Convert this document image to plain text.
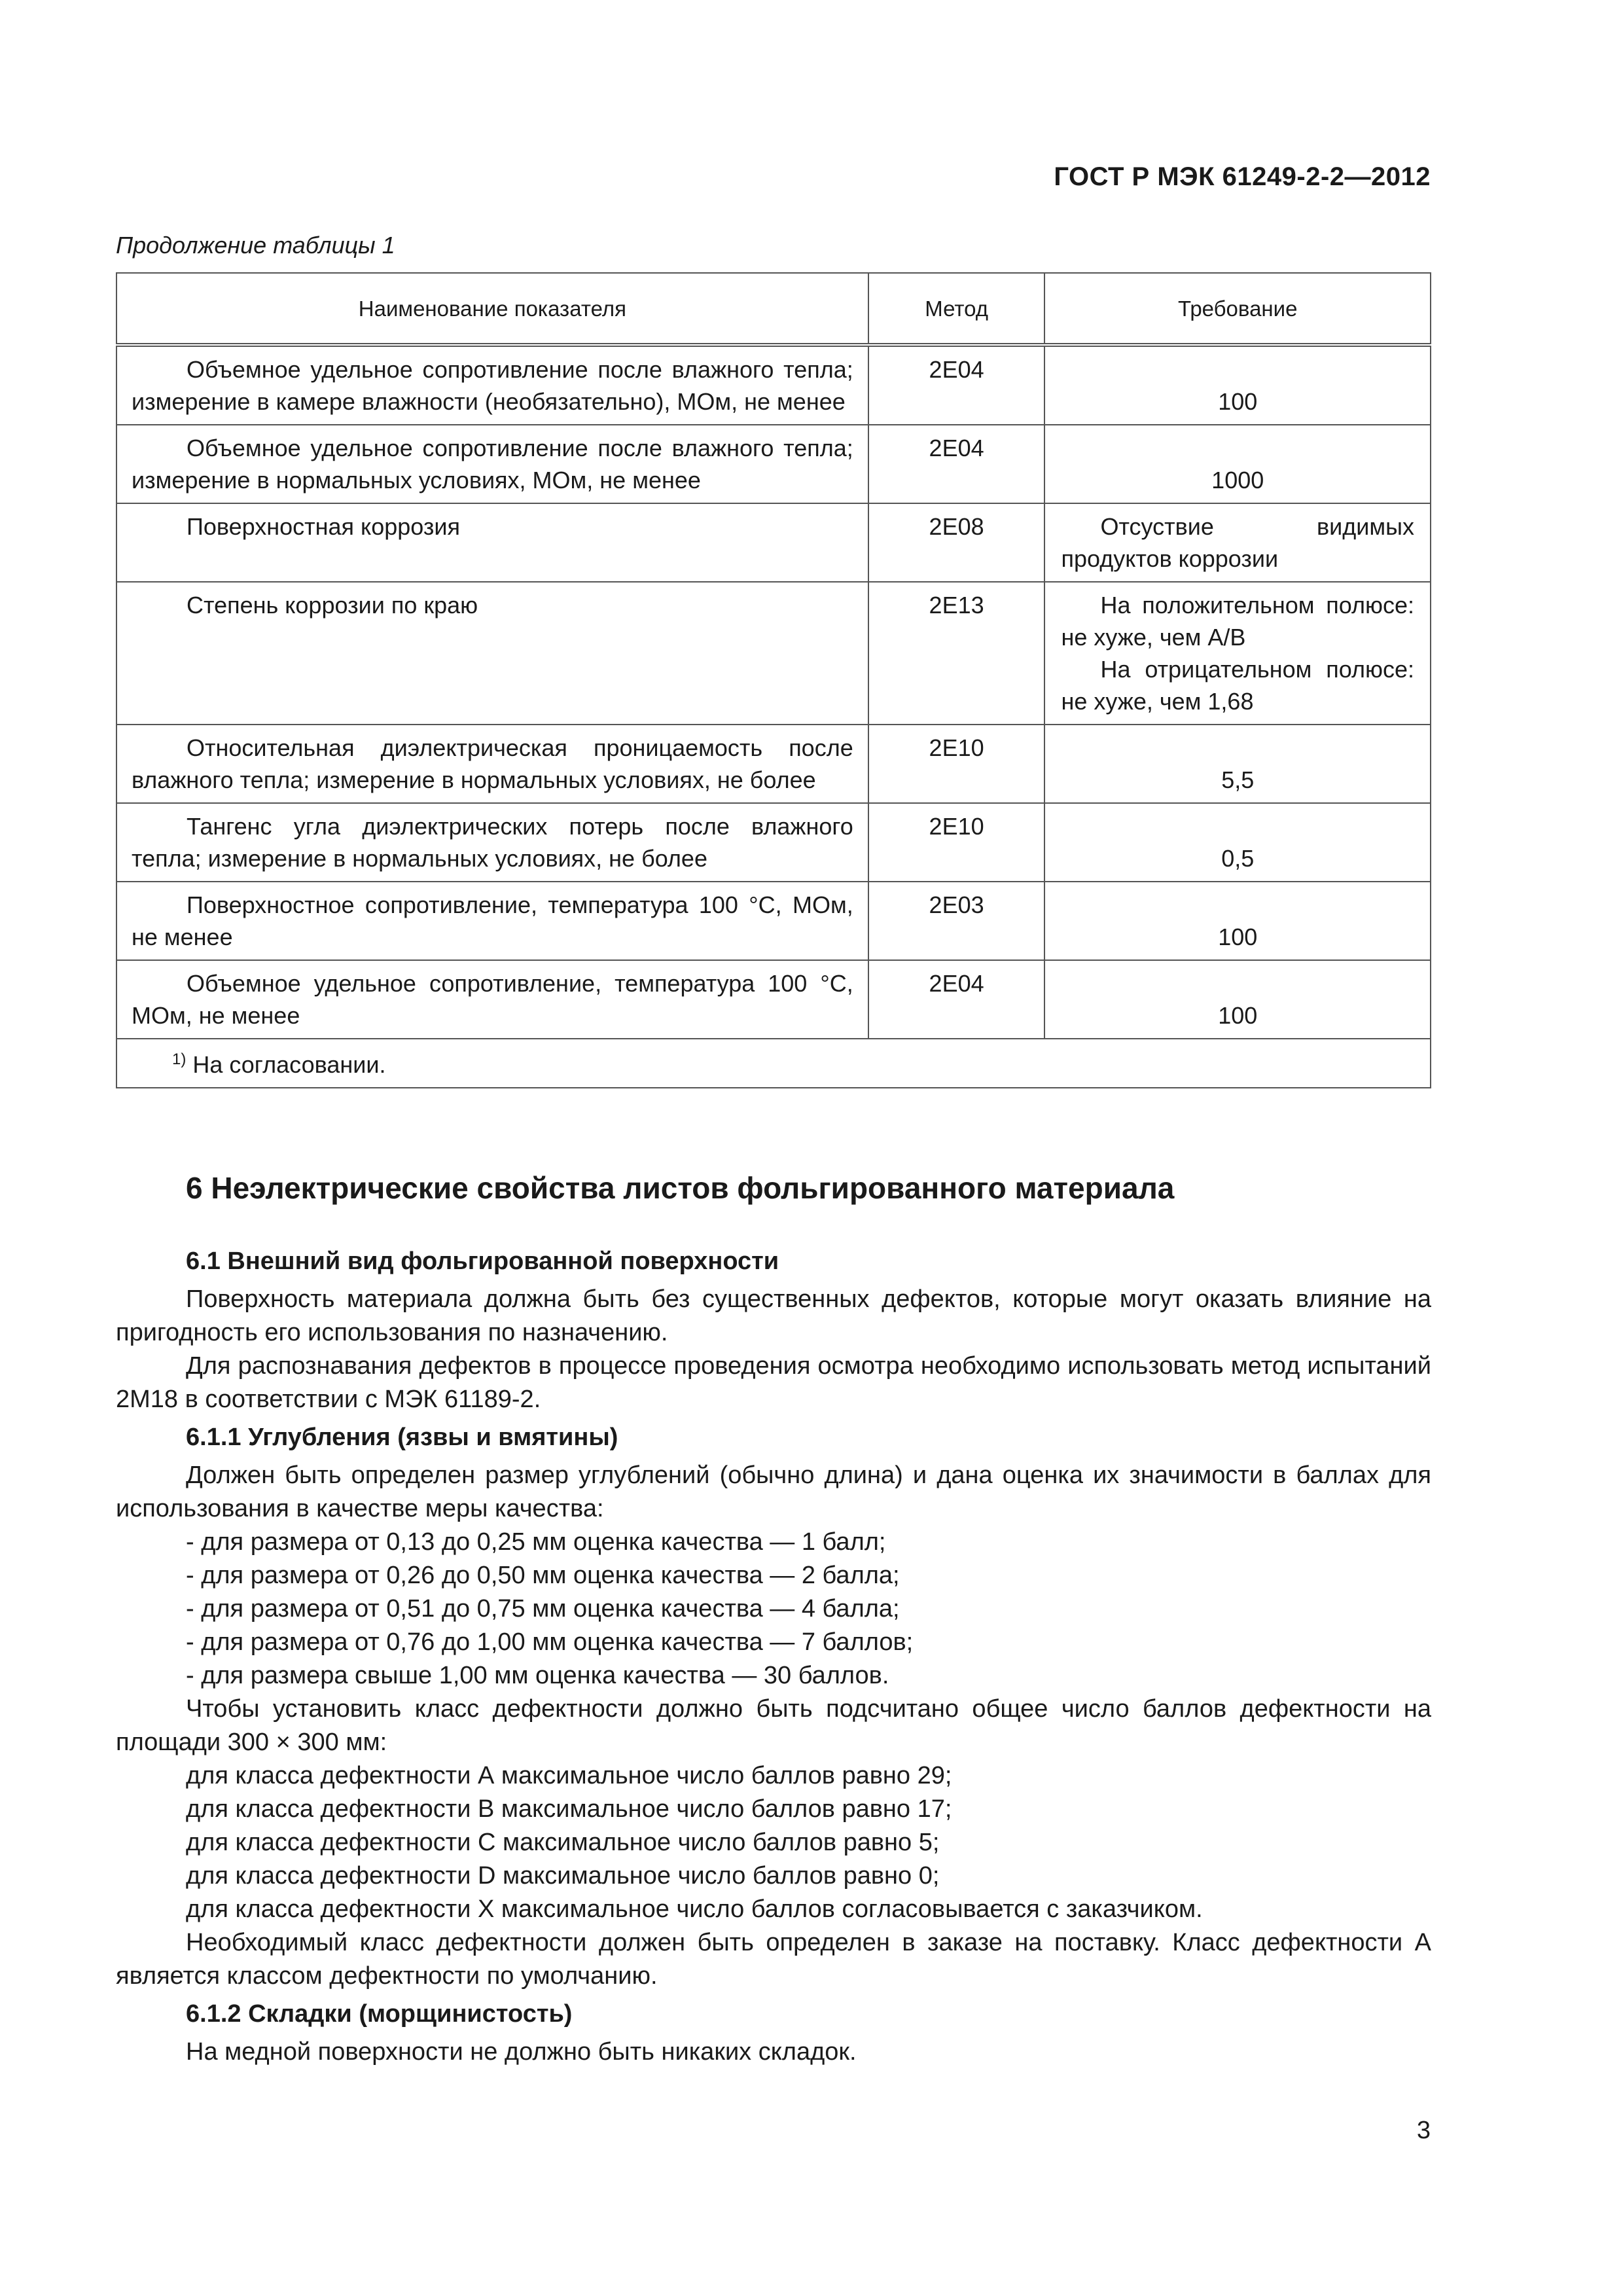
ГОСТ Р МЭК 61249-2-2—2012
Продолжение таблицы 1
Наименование показателя	Метод	Требование

Объемное удельное сопротивление после влажного тепла; измерение в камере влажности (необязательно), МОм, не менее	2E04	100

Объемное удельное сопротивление после влажного тепла; измерение в нормальных условиях, МОм, не менее	2E04	1000

Поверхностная коррозия	2E08	Отсуствие видимых продуктов коррозии

Степень коррозии по краю	2E13	На положительном полюсе: не хуже, чем A/B
На отрицательном полюсе: не хуже, чем 1,68

Относительная диэлектрическая проницаемость после влажного тепла; измерение в нормальных условиях, не более	2E10	5,5

Тангенс угла диэлектрических потерь после влажного тепла; измерение в нормальных условиях, не более	2E10	0,5

Поверхностное сопротивление, температура 100 °С, МОм, не менее	2E03	100

Объемное удельное сопротивление, температура 100 °С, МОм, не менее	2E04	100
$^{1)}$ На согласовании.		
6 Неэлектрические свойства листов фольгированного материала
6.1 Внешний вид фольгированной поверхности
Поверхность материала должна быть без существенных дефектов, которые могут оказать влияние на пригодность его использования по назначению.
Для распознавания дефектов в процессе проведения осмотра необходимо использовать метод испытаний 2М18 в соответствии с МЭК 61189-2.
6.1.1 Углубления (язвы и вмятины)
Должен быть определен размер углублений (обычно длина) и дана оценка их значимости в баллах для использования в качестве меры качества:
- для размера от 0,13 до 0,25 мм оценка качества — 1 балл;
- для размера от 0,26 до 0,50 мм оценка качества — 2 балла;
- для размера от 0,51 до 0,75 мм оценка качества — 4 балла;
- для размера от 0,76 до 1,00 мм оценка качества — 7 баллов;
- для размера свыше 1,00 мм оценка качества — 30 баллов.
Чтобы установить класс дефектности должно быть подсчитано общее число баллов дефектности на площади 300 × 300 мм:
для класса дефектности А максимальное число баллов равно 29;
для класса дефектности В максимальное число баллов равно 17;
для класса дефектности С максимальное число баллов равно 5;
для класса дефектности D максимальное число баллов равно 0;
для класса дефектности Х максимальное число баллов согласовывается с заказчиком.
Необходимый класс дефектности должен быть определен в заказе на поставку. Класс дефектности А является классом дефектности по умолчанию.
6.1.2 Складки (морщинистость)
На медной поверхности не должно быть никаких складок.
3
